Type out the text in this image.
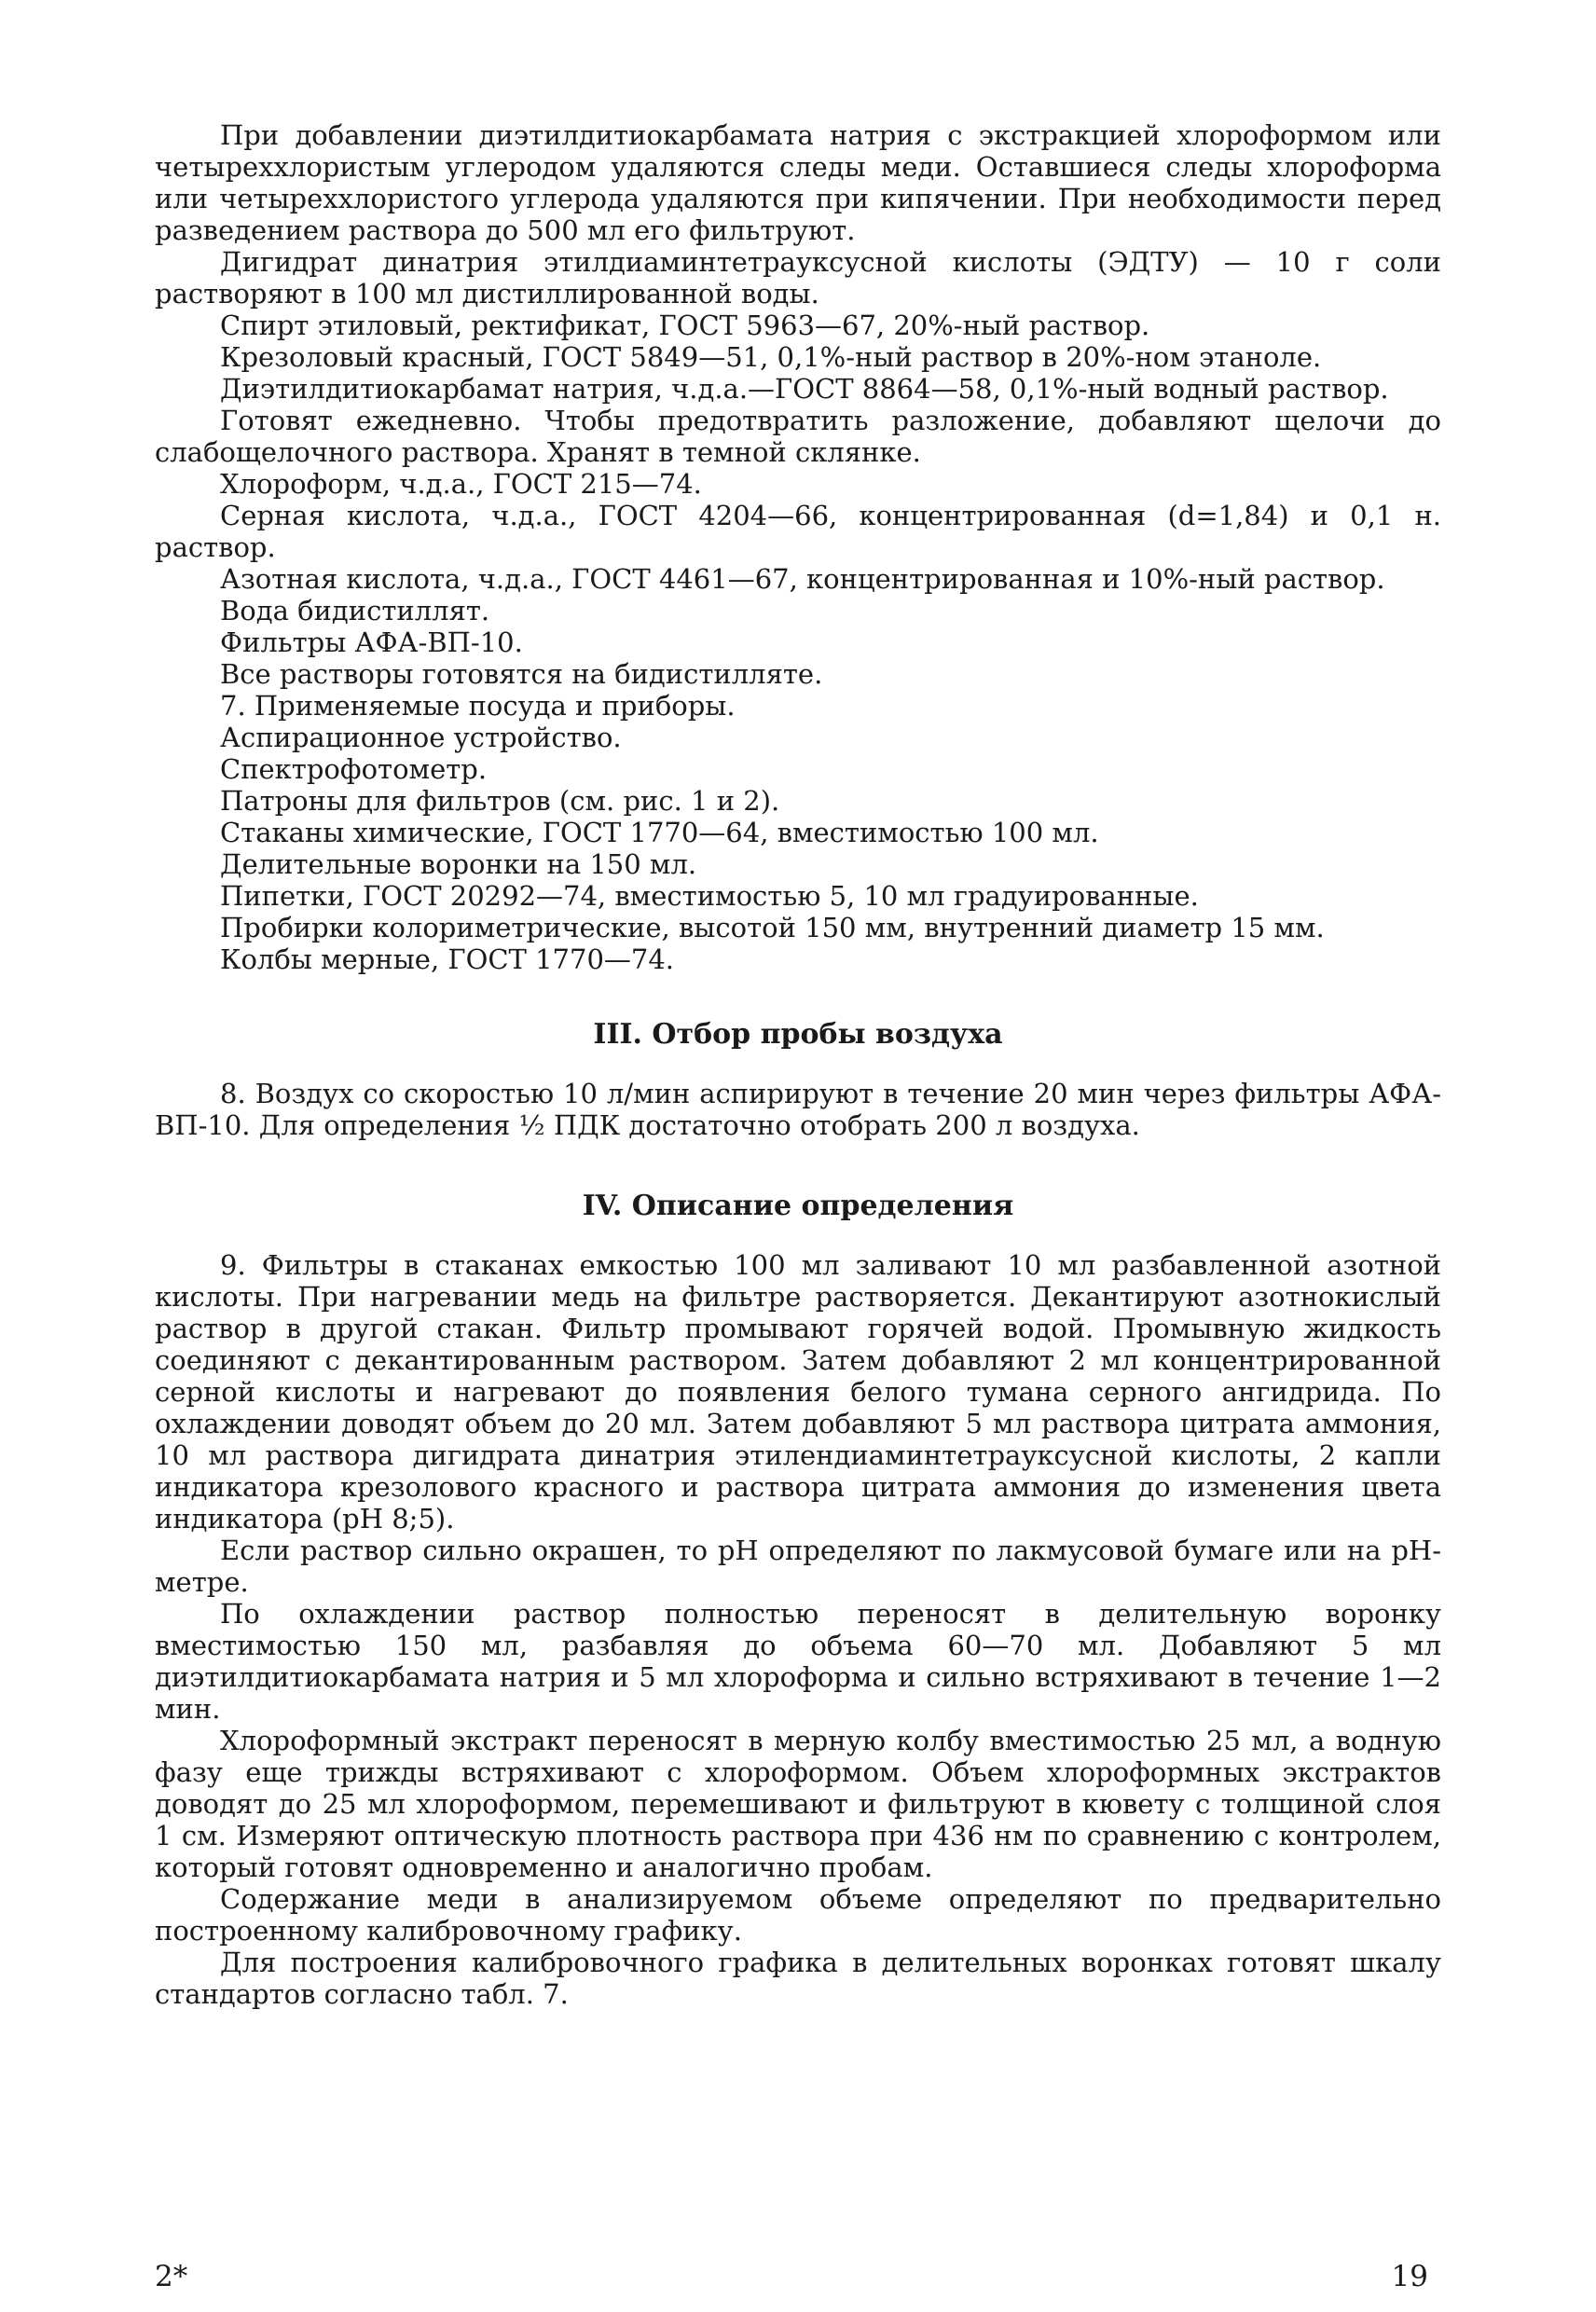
При добавлении диэтилдитиокарбамата натрия с экстракцией хлороформом или четыреххлористым углеродом удаляются следы меди. Оставшиеся следы хлороформа или четыреххлористого углерода удаляются при кипячении. При необходимости перед разведением раствора до 500 мл его фильтруют.

Дигидрат динатрия этилдиаминтетрауксусной кислоты (ЭДТУ) — 10 г соли растворяют в 100 мл дистиллированной воды.

Спирт этиловый, ректификат, ГОСТ 5963—67, 20%-ный раствор.

Крезоловый красный, ГОСТ 5849—51, 0,1%-ный раствор в 20%-ном этаноле.

Диэтилдитиокарбамат натрия, ч.д.а.—ГОСТ 8864—58, 0,1%-ный водный раствор.

Готовят ежедневно. Чтобы предотвратить разложение, добавляют щелочи до слабощелочного раствора. Хранят в темной склянке.

Хлороформ, ч.д.а., ГОСТ 215—74.

Серная кислота, ч.д.а., ГОСТ 4204—66, концентрированная (d=1,84) и 0,1 н. раствор.

Азотная кислота, ч.д.а., ГОСТ 4461—67, концентрированная и 10%-ный раствор.

Вода бидистиллят.

Фильтры АФА-ВП-10.

Все растворы готовятся на бидистилляте.

7. Применяемые посуда и приборы.

Аспирационное устройство.

Спектрофотометр.

Патроны для фильтров (см. рис. 1 и 2).

Стаканы химические, ГОСТ 1770—64, вместимостью 100 мл.

Делительные воронки на 150 мл.

Пипетки, ГОСТ 20292—74, вместимостью 5, 10 мл градуированные.

Пробирки колориметрические, высотой 150 мм, внутренний диаметр 15 мм.

Колбы мерные, ГОСТ 1770—74.

III. Отбор пробы воздуха

8. Воздух со скоростью 10 л/мин аспирируют в течение 20 мин через фильтры АФА-ВП-10. Для определения ½ ПДК достаточно отобрать 200 л воздуха.

IV. Описание определения

9. Фильтры в стаканах емкостью 100 мл заливают 10 мл разбавленной азотной кислоты. При нагревании медь на фильтре растворяется. Декантируют азотнокислый раствор в другой стакан. Фильтр промывают горячей водой. Промывную жидкость соединяют с декантированным раствором. Затем добавляют 2 мл концентрированной серной кислоты и нагревают до появления белого тумана серного ангидрида. По охлаждении доводят объем до 20 мл. Затем добавляют 5 мл раствора цитрата аммония, 10 мл раствора дигидрата динатрия этилендиаминтетрауксусной кислоты, 2 капли индикатора крезолового красного и раствора цитрата аммония до изменения цвета индикатора (pH 8;5).

Если раствор сильно окрашен, то pH определяют по лакмусовой бумаге или на pH-метре.

По охлаждении раствор полностью переносят в делительную воронку вместимостью 150 мл, разбавляя до объема 60—70 мл. Добавляют 5 мл диэтилдитиокарбамата натрия и 5 мл хлороформа и сильно встряхивают в течение 1—2 мин.

Хлороформный экстракт переносят в мерную колбу вместимостью 25 мл, а водную фазу еще трижды встряхивают с хлороформом. Объем хлороформных экстрактов доводят до 25 мл хлороформом, перемешивают и фильтруют в кювету с толщиной слоя 1 см. Измеряют оптическую плотность раствора при 436 нм по сравнению с контролем, который готовят одновременно и аналогично пробам.

Содержание меди в анализируемом объеме определяют по предварительно построенному калибровочному графику.

Для построения калибровочного графика в делительных воронках готовят шкалу стандартов согласно табл. 7.

2*	19
